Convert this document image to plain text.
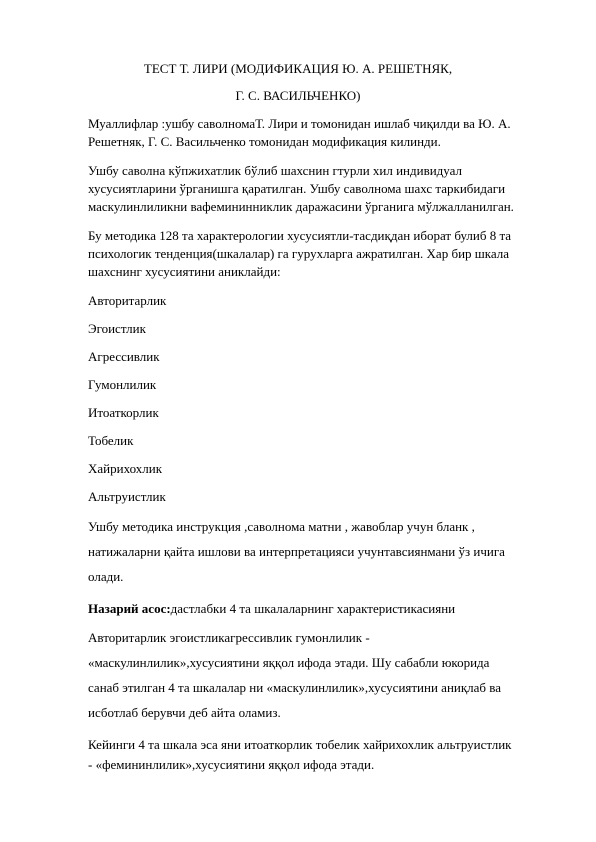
ТЕСТ Т. ЛИРИ (МОДИФИКАЦИЯ Ю. А. РЕШЕТНЯК,
Г. С. ВАСИЛЬЧЕНКО)
Муаллифлар :ушбу саволномаТ. Лири и томонидан ишлаб чиқилди ва Ю. А.
Решетняк, Г. С. Васильченко томонидан модификация килинди.
Ушбу саволна кўпжихатлик бўлиб шахснин гтурли хил индивидуал
хусусиятларини ўрганишга қаратилган. Ушбу саволнома шахс таркибидаги
маскулинлиликни вафемининниклик даражасини ўрганига мўлжалланилган.
Бу методика 128 та характерологии хусусиятли-тасдиқдан иборат булиб 8 та
психологик тенденция(шкалалар) га гурухларга ажратилган. Хар бир шкала
шахснинг хусусиятини аниклайди:
Авторитарлик
Эгоистлик
Агрессивлик
Гумонлилик
Итоаткорлик
Тобелик
Хайрихохлик
Альтруистлик
Ушбу методика инструкция ,саволнома матни , жавоблар учун бланк ,
натижаларни қайта ишлови ва интерпретацияси учунтавсиянмани ўз ичига
олади.
Назарий асос:дастлабки 4 та шкалаларнинг характеристикасияни
Авторитарлик эгоистликагрессивлик гумонлилик -
«маскулинлилик»,хусусиятини яққол ифода этади. Шу сабабли юкорида
санаб этилган 4 та шкалалар ни «маскулинлилик»,хусусиятини аниқлаб ва
исботлаб берувчи деб айта оламиз.
Кейинги 4 та шкала эса яни итоаткорлик тобелик хайрихохлик альтруистлик
- «фемининлилик»,хусусиятини яққол ифода этади.
